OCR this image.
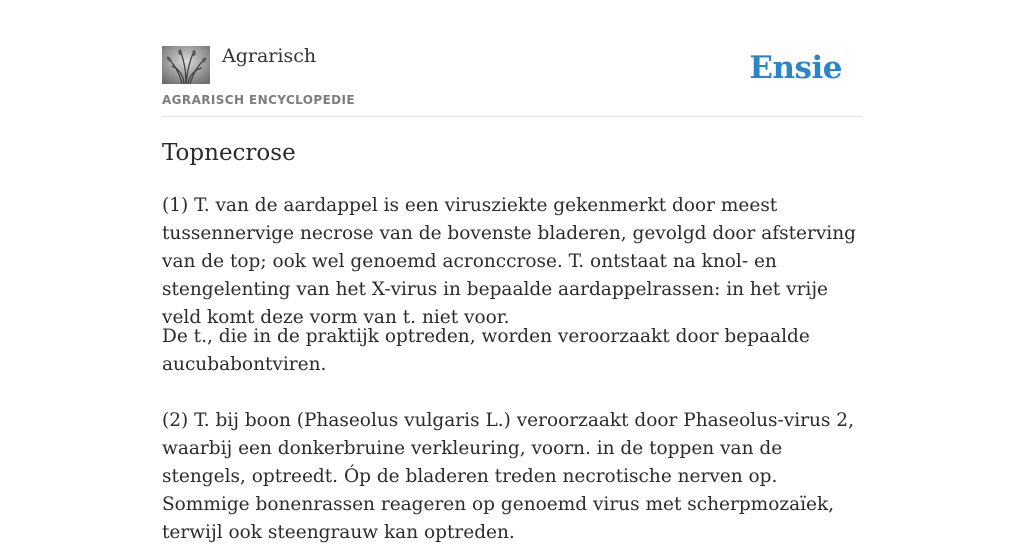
Agrarisch
AGRARISCH ENCYCLOPEDIE
Ensie
Topnecrose

(1) T. van de aardappel is een virusziekte gekenmerkt door meest tussennervige necrose van de bovenste bladeren, gevolgd door afsterving van de top; ook wel genoemd acronccrose. T. ontstaat na knol- en stengelenting van het X-virus in bepaalde aardappelrassen: in het vrije veld komt deze vorm van t. niet voor.

De t., die in de praktijk optreden, worden veroorzaakt door bepaalde aucubabontviren.

(2) T. bij boon (Phaseolus vulgaris L.) veroorzaakt door Phaseolus-virus 2, waarbij een donkerbruine verkleuring, voorn. in de toppen van de stengels, optreedt. Óp de bladeren treden necrotische nerven op. Sommige bonenrassen reageren op genoemd virus met scherpmozaïek, terwijl ook steengrauw kan optreden.
